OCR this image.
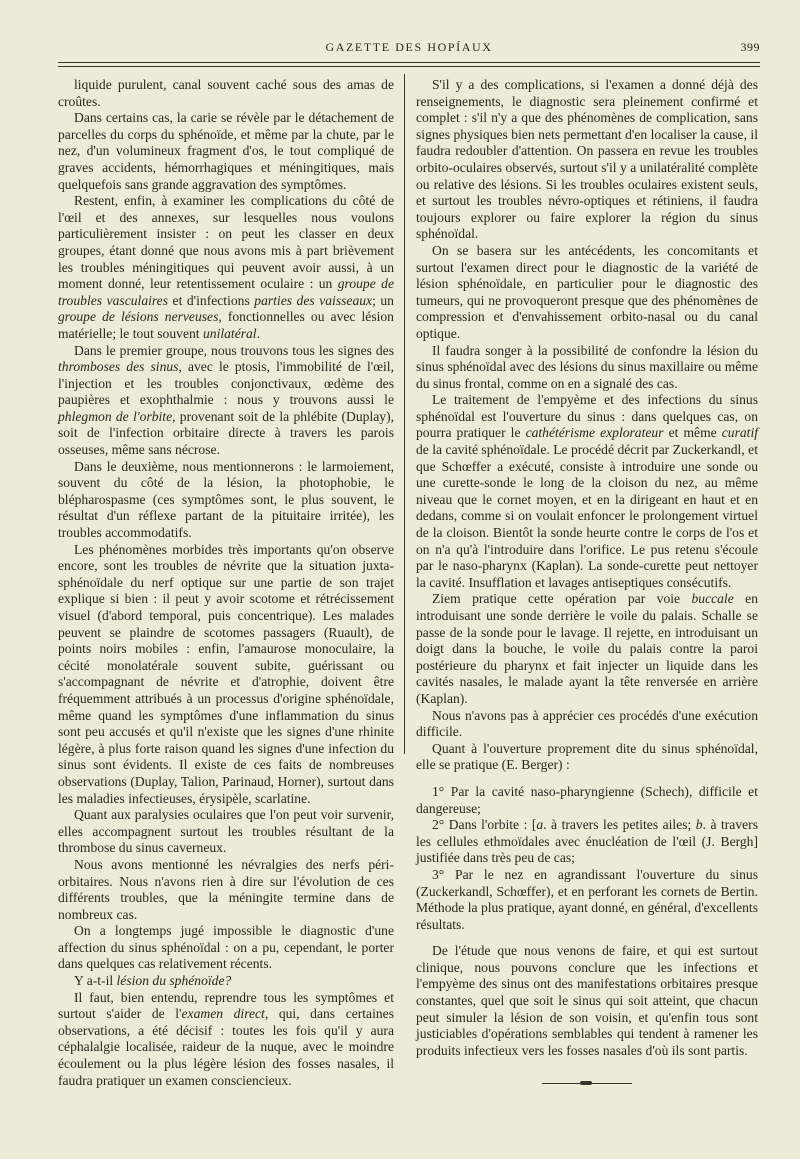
GAZETTE DES HOPÍAUX	399

liquide purulent, canal souvent caché sous des amas de croûtes.

Dans certains cas, la carie se révèle par le détachement de parcelles du corps du sphénoïde, et même par la chute, par le nez, d'un volumineux fragment d'os, le tout compliqué de graves accidents, hémorrhagiques et méningitiques, mais quelquefois sans grande aggravation des symptômes.

Restent, enfin, à examiner les complications du côté de l'œil et des annexes, sur lesquelles nous voulons particulièrement insister : on peut les classer en deux groupes, étant donné que nous avons mis à part brièvement les troubles méningitiques qui peuvent avoir aussi, à un moment donné, leur retentissement oculaire : un groupe de troubles vasculaires et d'infections parties des vaisseaux; un groupe de lésions nerveuses, fonctionnelles ou avec lésion matérielle; le tout souvent unilatéral.

Dans le premier groupe, nous trouvons tous les signes des thromboses des sinus, avec le ptosis, l'immobilité de l'œil, l'injection et les troubles conjonctivaux, œdème des paupières et exophthalmie : nous y trouvons aussi le phlegmon de l'orbite, provenant soit de la phlébite (Duplay), soit de l'infection orbitaire directe à travers les parois osseuses, même sans nécrose.

Dans le deuxième, nous mentionnerons : le larmoiement, souvent du côté de la lésion, la photophobie, le blépharospasme (ces symptômes sont, le plus souvent, le résultat d'un réflexe partant de la pituitaire irritée), les troubles accommodatifs.

Les phénomènes morbides très importants qu'on observe encore, sont les troubles de névrite que la situation juxta-sphénoïdale du nerf optique sur une partie de son trajet explique si bien : il peut y avoir scotome et rétrécissement visuel (d'abord temporal, puis concentrique). Les malades peuvent se plaindre de scotomes passagers (Ruault), de points noirs mobiles : enfin, l'amaurose monoculaire, la cécité monolatérale souvent subite, guérissant ou s'accompagnant de névrite et d'atrophie, doivent être fréquemment attribués à un processus d'origine sphénoïdale, même quand les symptômes d'une inflammation du sinus sont peu accusés et qu'il n'existe que les signes d'une rhinite légère, à plus forte raison quand les signes d'une infection du sinus sont évidents. Il existe de ces faits de nombreuses observations (Duplay, Talion, Parinaud, Horner), surtout dans les maladies infectieuses, érysipèle, scarlatine.

Quant aux paralysies oculaires que l'on peut voir survenir, elles accompagnent surtout les troubles résultant de la thrombose du sinus caverneux.

Nous avons mentionné les névralgies des nerfs péri-orbitaires. Nous n'avons rien à dire sur l'évolution de ces différents troubles, que la méningite termine dans de nombreux cas.

On a longtemps jugé impossible le diagnostic d'une affection du sinus sphénoïdal : on a pu, cependant, le porter dans quelques cas relativement récents.

Y a-t-il lésion du sphénoïde?

Il faut, bien entendu, reprendre tous les symptômes et surtout s'aider de l'examen direct, qui, dans certaines observations, a été décisif : toutes les fois qu'il y aura céphalalgie localisée, raideur de la nuque, avec le moindre écoulement ou la plus légère lésion des fosses nasales, il faudra pratiquer un examen consciencieux.

S'il y a des complications, si l'examen a donné déjà des renseignements, le diagnostic sera pleinement confirmé et complet : s'il n'y a que des phénomènes de complication, sans signes physiques bien nets permettant d'en localiser la cause, il faudra redoubler d'attention. On passera en revue les troubles orbito-oculaires observés, surtout s'il y a unilatéralité complète ou relative des lésions. Si les troubles oculaires existent seuls, et surtout les troubles névro-optiques et rétiniens, il faudra toujours explorer ou faire explorer la région du sinus sphénoïdal.

On se basera sur les antécédents, les concomitants et surtout l'examen direct pour le diagnostic de la variété de lésion sphénoïdale, en particulier pour le diagnostic des tumeurs, qui ne provoqueront presque que des phénomènes de compression et d'envahissement orbito-nasal ou du canal optique.

Il faudra songer à la possibilité de confondre la lésion du sinus sphénoïdal avec des lésions du sinus maxillaire ou même du sinus frontal, comme on en a signalé des cas.

Le traitement de l'empyème et des infections du sinus sphénoïdal est l'ouverture du sinus : dans quelques cas, on pourra pratiquer le cathétérisme explorateur et même curatif de la cavité sphénoïdale. Le procédé décrit par Zuckerkandl, et que Schœffer a exécuté, consiste à introduire une sonde ou une curette-sonde le long de la cloison du nez, au même niveau que le cornet moyen, et en la dirigeant en haut et en dedans, comme si on voulait enfoncer le prolongement virtuel de la cloison. Bientôt la sonde heurte contre le corps de l'os et on n'a qu'à l'introduire dans l'orifice. Le pus retenu s'écoule par le naso-pharynx (Kaplan). La sonde-curette peut nettoyer la cavité. Insufflation et lavages antiseptiques consécutifs.

Ziem pratique cette opération par voie buccale en introduisant une sonde derrière le voile du palais. Schalle se passe de la sonde pour le lavage. Il rejette, en introduisant un doigt dans la bouche, le voile du palais contre la paroi postérieure du pharynx et fait injecter un liquide dans les cavités nasales, le malade ayant la tête renversée en arrière (Kaplan).

Nous n'avons pas à apprécier ces procédés d'une exécution difficile.

Quant à l'ouverture proprement dite du sinus sphénoïdal, elle se pratique (E. Berger) :

1° Par la cavité naso-pharyngienne (Schech), difficile et dangereuse;

2° Dans l'orbite : [a. à travers les petites ailes; b. à travers les cellules ethmoïdales avec énucléation de l'œil (J. Bergh] justifiée dans très peu de cas;

3° Par le nez en agrandissant l'ouverture du sinus (Zuckerkandl, Schœffer), et en perforant les cornets de Bertin. Méthode la plus pratique, ayant donné, en général, d'excellents résultats.

De l'étude que nous venons de faire, et qui est surtout clinique, nous pouvons conclure que les infections et l'empyème des sinus ont des manifestations orbitaires presque constantes, quel que soit le sinus qui soit atteint, que chacun peut simuler la lésion de son voisin, et qu'enfin tous sont justiciables d'opérations semblables qui tendent à ramener les produits infectieux vers les fosses nasales d'où ils sont partis.
